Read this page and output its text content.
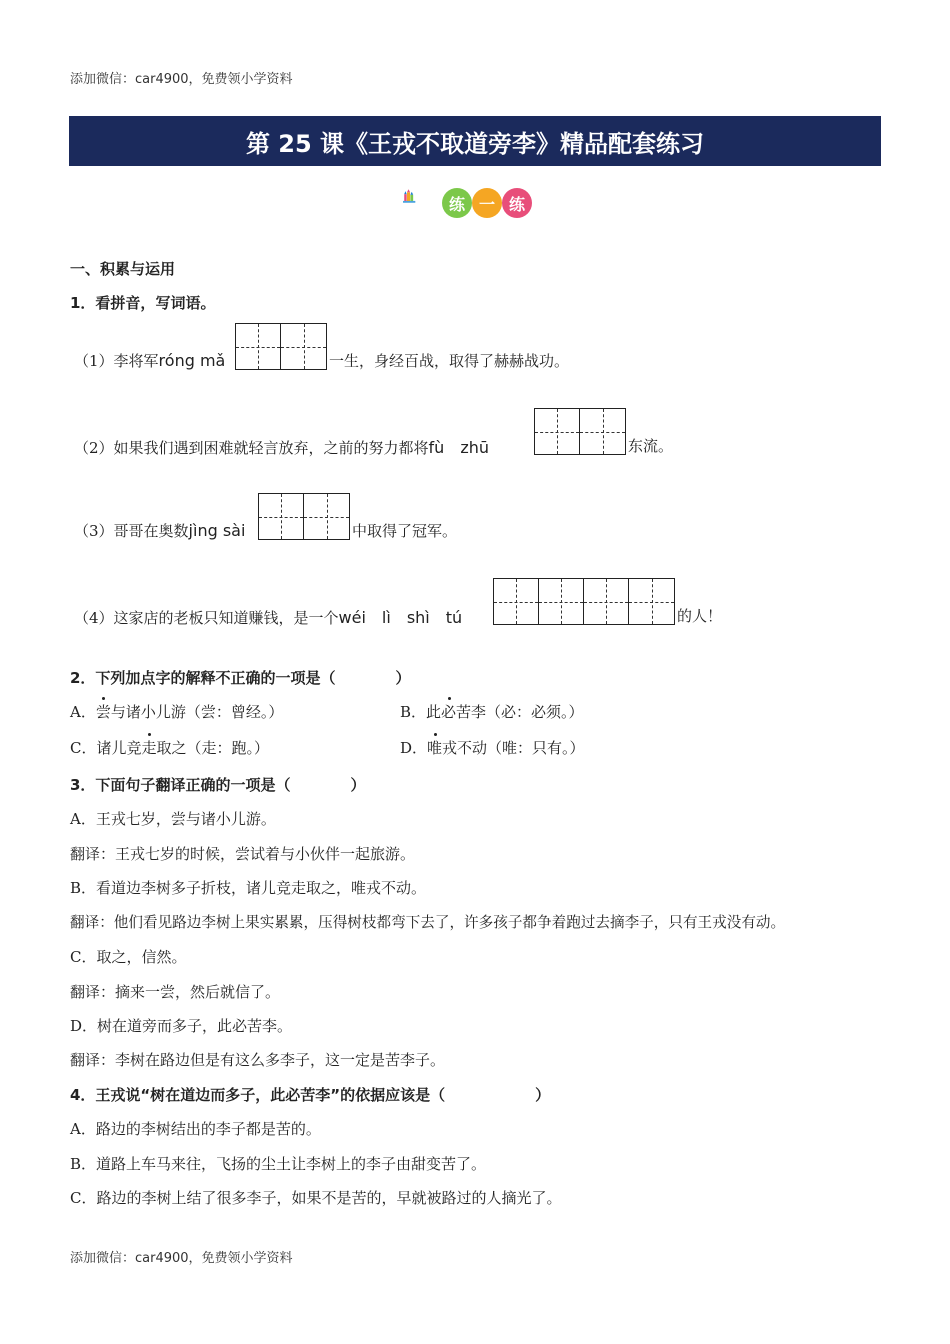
添加微信：car4900，免费领小学资料
第 25 课《王戎不取道旁李》精品配套练习
练 一 练
一、积累与运用
1．看拼音，写词语。
（1）李将军róng mǎ	一生，身经百战，取得了赫赫战功。
（2）如果我们遇到困难就轻言放弃，之前的努力都将fù　zhū	东流。
（3）哥哥在奥数jìng sài	中取得了冠军。
（4）这家店的老板只知道赚钱，是一个wéi　lì　shì　tú	的人！
2．下列加点字的解释不正确的一项是（　　　　）
A．尝与诸小儿游（尝：曾经。）	B．此必苦李（必：必须。）
C．诸儿竞走取之（走：跑。）	D．唯戎不动（唯：只有。）
3．下面句子翻译正确的一项是（　　　　）
A．王戎七岁，尝与诸小儿游。
翻译：王戎七岁的时候，尝试着与小伙伴一起旅游。
B．看道边李树多子折枝，诸儿竞走取之，唯戎不动。
翻译：他们看见路边李树上果实累累，压得树枝都弯下去了，许多孩子都争着跑过去摘李子，只有王戎没有动。
C．取之，信然。
翻译：摘来一尝，然后就信了。
D．树在道旁而多子，此必苦李。
翻译：李树在路边但是有这么多李子，这一定是苦李子。
4．王戎说“树在道边而多子，此必苦李”的依据应该是（　　　　　　）
A．路边的李树结出的李子都是苦的。
B．道路上车马来往，飞扬的尘土让李树上的李子由甜变苦了。
C．路边的李树上结了很多李子，如果不是苦的，早就被路过的人摘光了。
添加微信：car4900，免费领小学资料
